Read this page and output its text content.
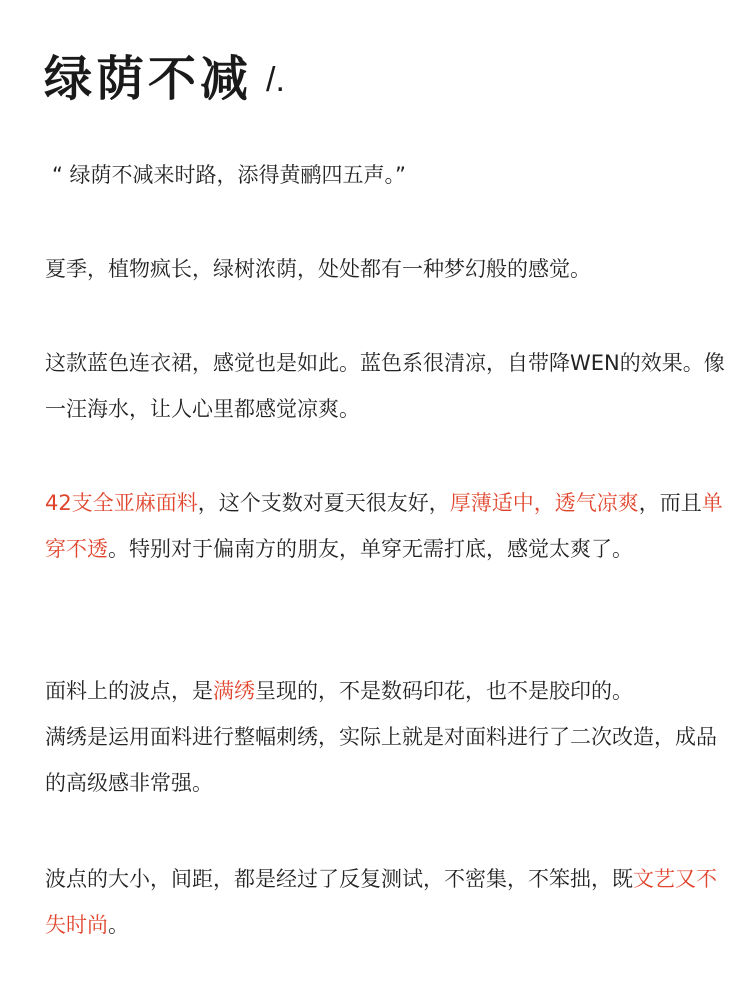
绿荫不减 /.

“ 绿荫不减来时路，添得黄鹂四五声。”

夏季，植物疯长，绿树浓荫，处处都有一种梦幻般的感觉。

这款蓝色连衣裙，感觉也是如此。蓝色系很清凉，自带降WEN的效果。像一汪海水，让人心里都感觉凉爽。

42支全亚麻面料，这个支数对夏天很友好，厚薄适中，透气凉爽，而且单穿不透。特别对于偏南方的朋友，单穿无需打底，感觉太爽了。

面料上的波点，是满绣呈现的，不是数码印花，也不是胶印的。

满绣是运用面料进行整幅刺绣，实际上就是对面料进行了二次改造，成品的高级感非常强。

波点的大小，间距，都是经过了反复测试，不密集，不笨拙，既文艺又不失时尚。
